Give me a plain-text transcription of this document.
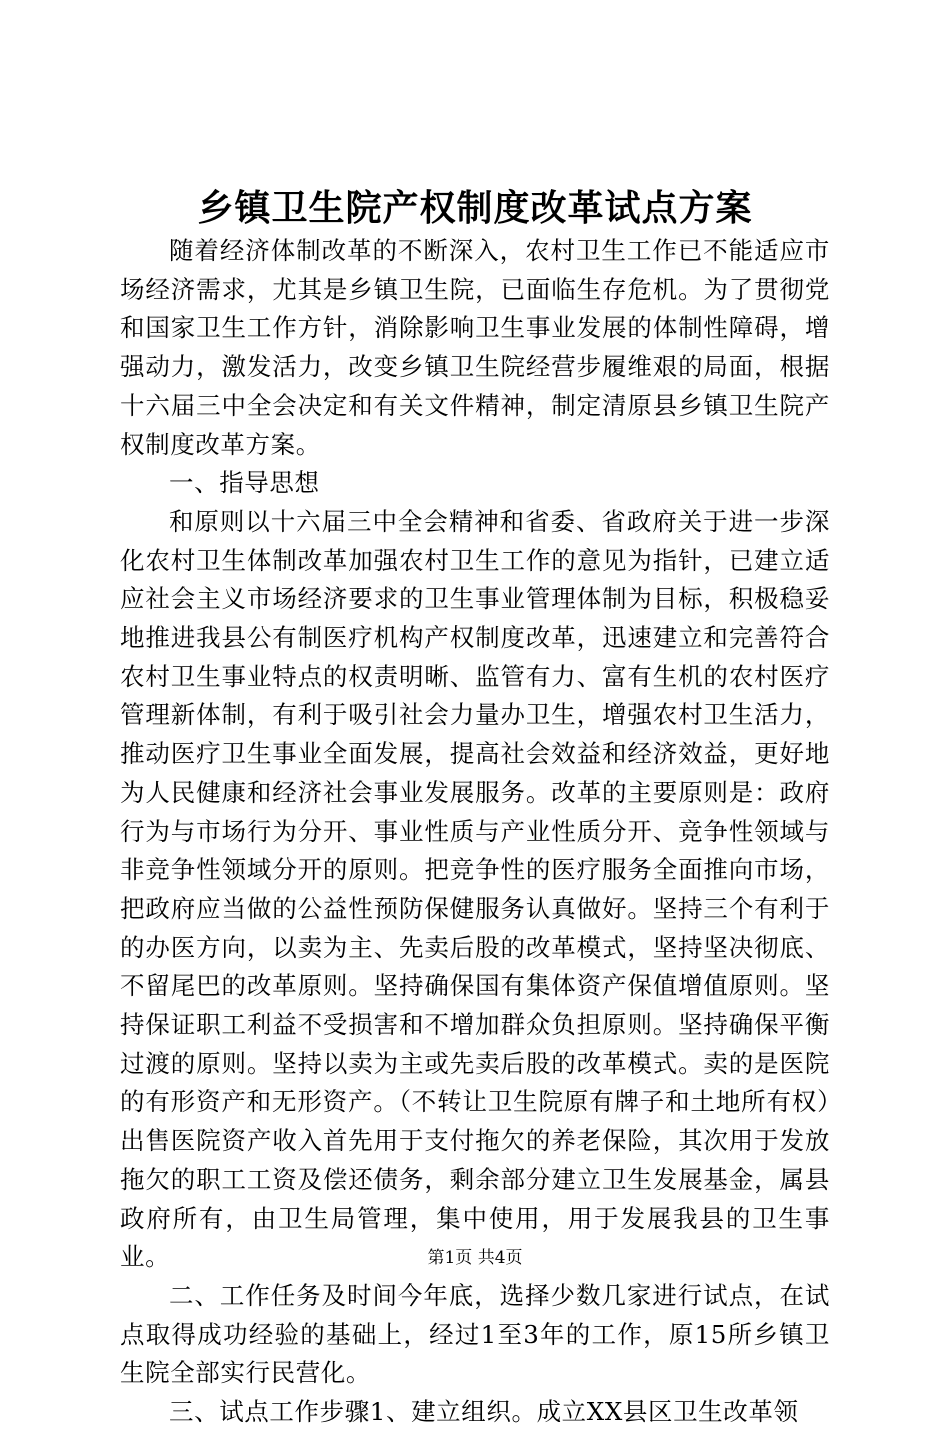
乡镇卫生院产权制度改革试点方案

随着经济体制改革的不断深入，农村卫生工作已不能适应市场经济需求，尤其是乡镇卫生院，已面临生存危机。为了贯彻党和国家卫生工作方针，消除影响卫生事业发展的体制性障碍，增强动力，激发活力，改变乡镇卫生院经营步履维艰的局面，根据十六届三中全会决定和有关文件精神，制定清原县乡镇卫生院产权制度改革方案。

一、指导思想

和原则以十六届三中全会精神和省委、省政府关于进一步深化农村卫生体制改革加强农村卫生工作的意见为指针，已建立适应社会主义市场经济要求的卫生事业管理体制为目标，积极稳妥地推进我县公有制医疗机构产权制度改革，迅速建立和完善符合农村卫生事业特点的权责明晰、监管有力、富有生机的农村医疗管理新体制，有利于吸引社会力量办卫生，增强农村卫生活力，推动医疗卫生事业全面发展，提高社会效益和经济效益，更好地为人民健康和经济社会事业发展服务。改革的主要原则是：政府行为与市场行为分开、事业性质与产业性质分开、竞争性领域与非竞争性领域分开的原则。把竞争性的医疗服务全面推向市场，把政府应当做的公益性预防保健服务认真做好。坚持三个有利于的办医方向，以卖为主、先卖后股的改革模式，坚持坚决彻底、不留尾巴的改革原则。坚持确保国有集体资产保值增值原则。坚持保证职工利益不受损害和不增加群众负担原则。坚持确保平衡过渡的原则。坚持以卖为主或先卖后股的改革模式。卖的是医院的有形资产和无形资产。（不转让卫生院原有牌子和土地所有权）出售医院资产收入首先用于支付拖欠的养老保险，其次用于发放拖欠的职工工资及偿还债务，剩余部分建立卫生发展基金，属县政府所有，由卫生局管理，集中使用，用于发展我县的卫生事业。

二、工作任务及时间今年底，选择少数几家进行试点，在试点取得成功经验的基础上，经过1至3年的工作，原15所乡镇卫生院全部实行民营化。

三、试点工作步骤1、建立组织。成立XX县区卫生改革领

第1页 共4页
